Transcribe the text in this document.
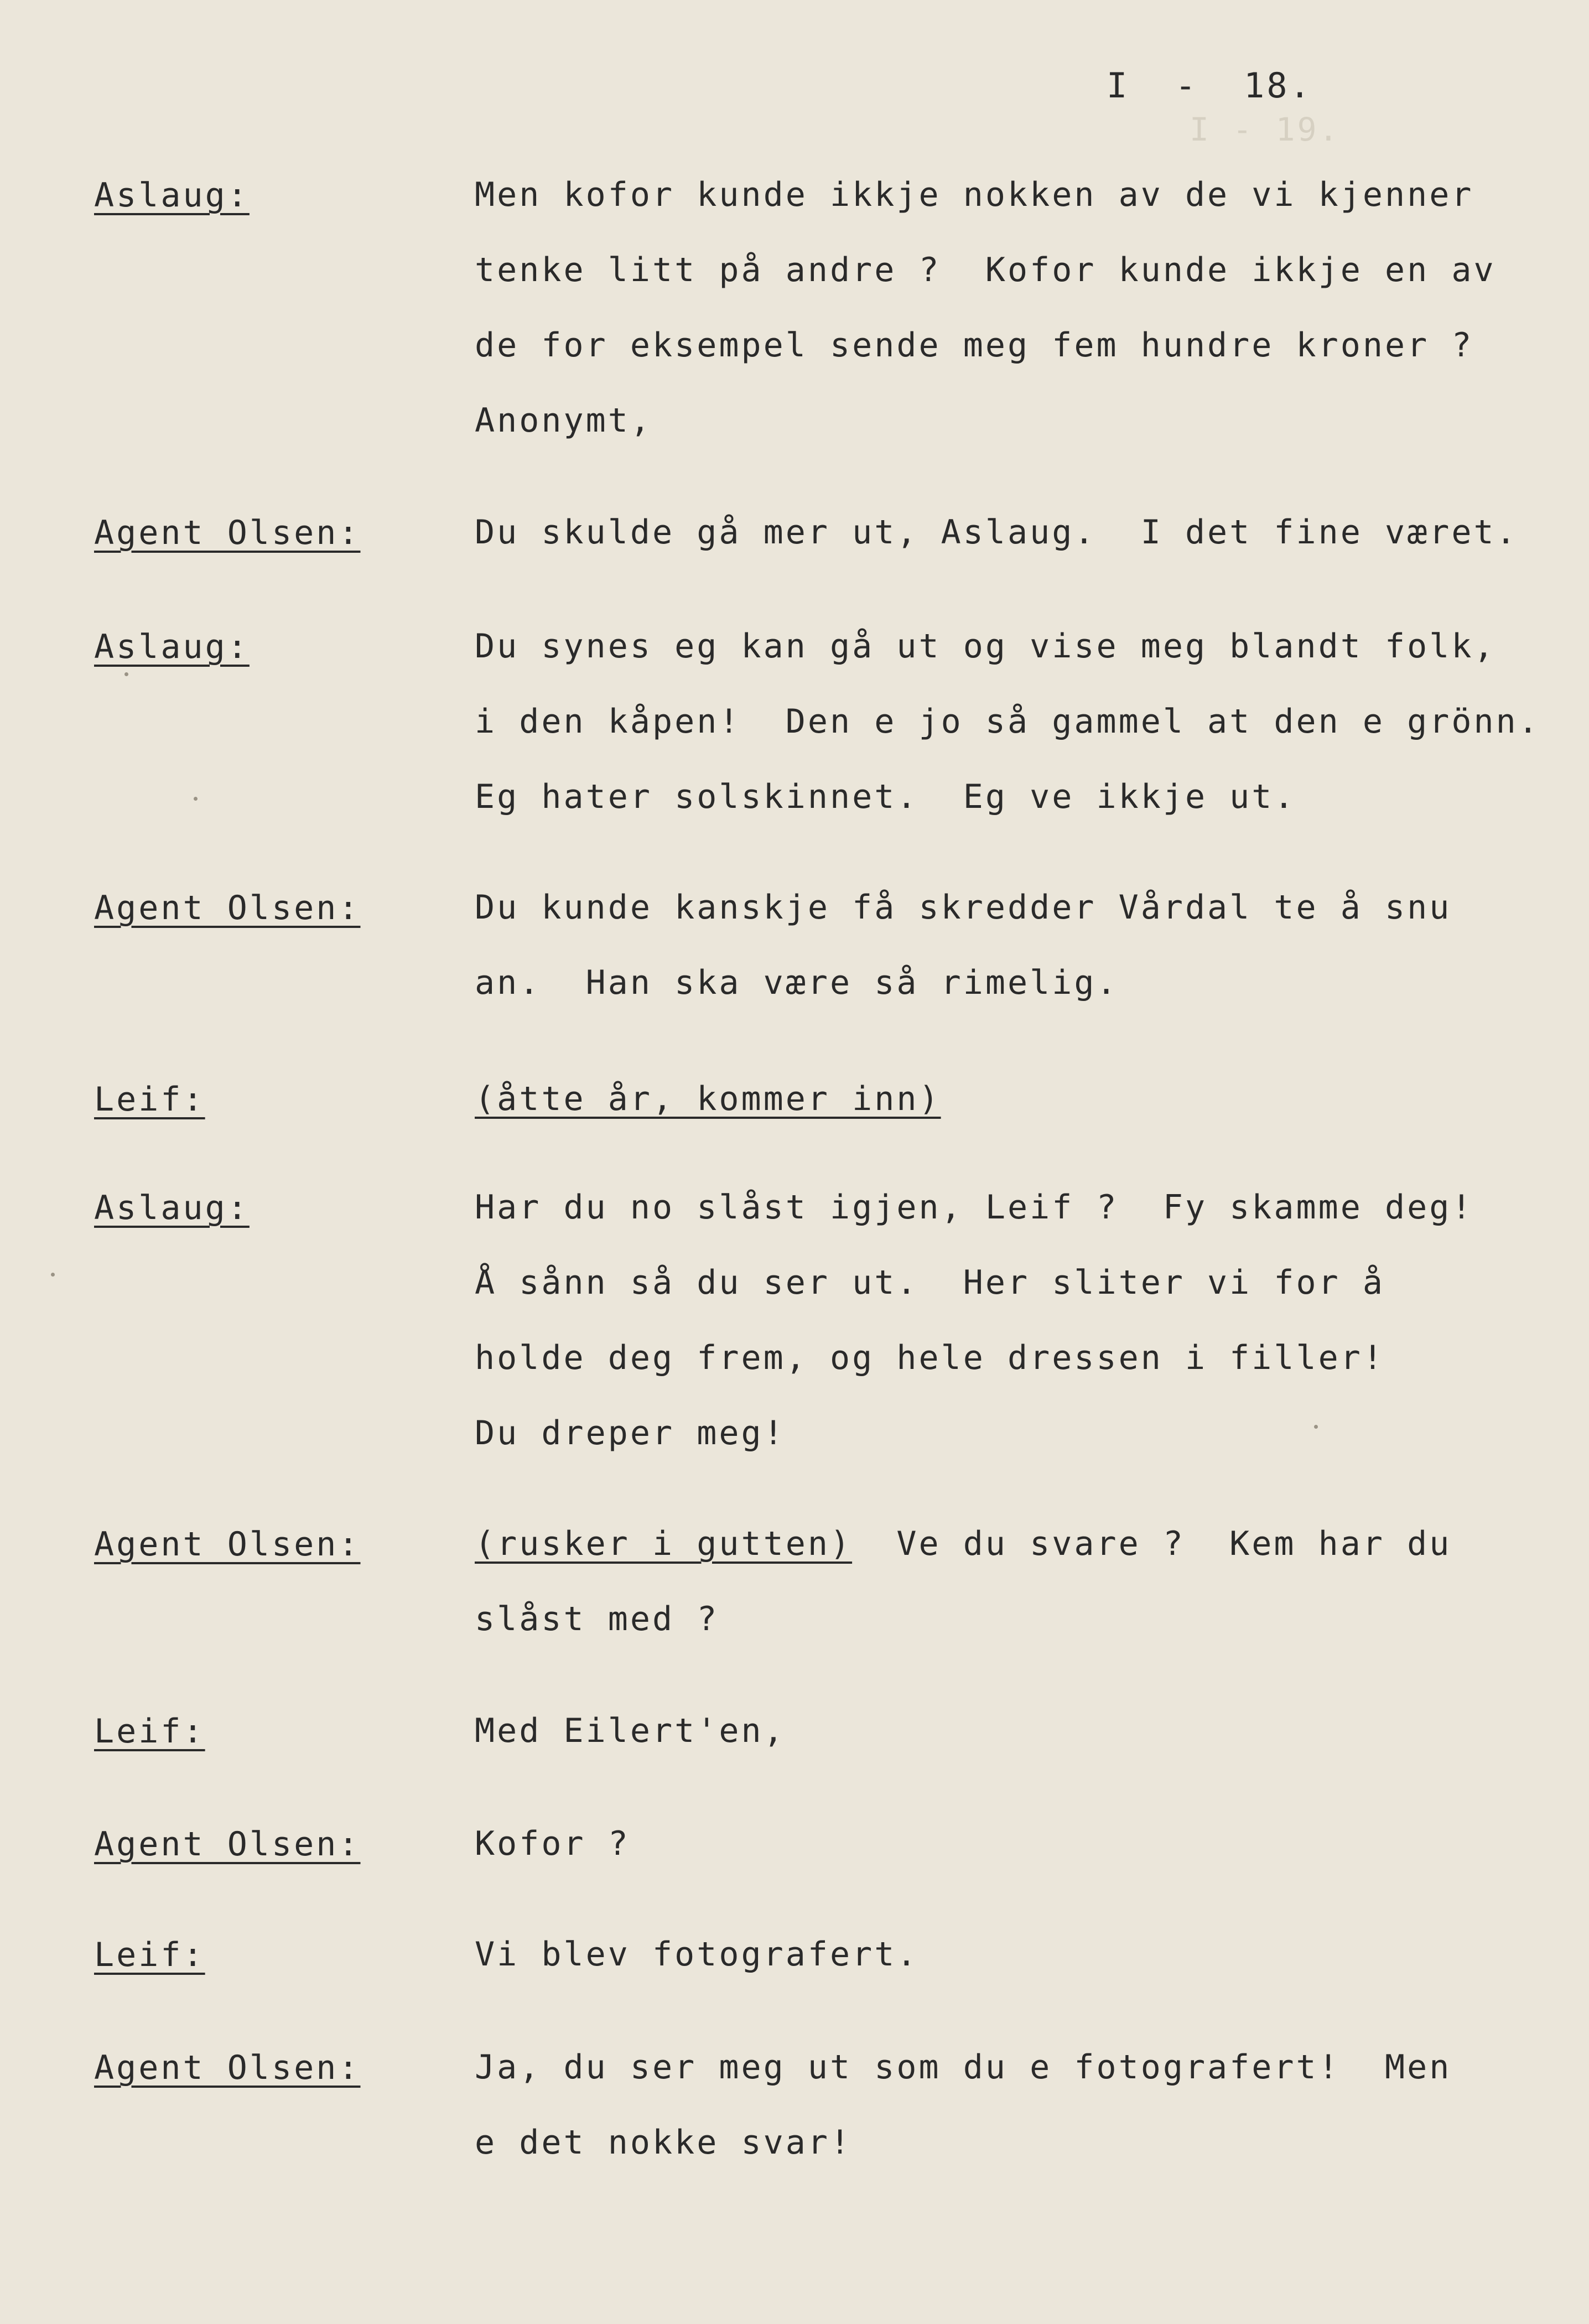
I - 19.
I  -  18.
Aslaug:	Men kofor kunde ikkje nokken av de vi kjenner
tenke litt på andre ?  Kofor kunde ikkje en av
de for eksempel sende meg fem hundre kroner ?
Anonymt,
Agent Olsen:	Du skulde gå mer ut, Aslaug.  I det fine været.
Aslaug:	Du synes eg kan gå ut og vise meg blandt folk,
i den kåpen!  Den e jo så gammel at den e grönn.
Eg hater solskinnet.  Eg ve ikkje ut.
Agent Olsen:	Du kunde kanskje få skredder Vårdal te å snu
an.  Han ska være så rimelig.
Leif:	(åtte år, kommer inn)
Aslaug:	Har du no slåst igjen, Leif ?  Fy skamme deg!
Å sånn så du ser ut.  Her sliter vi for å
holde deg frem, og hele dressen i filler!
Du dreper meg!
Agent Olsen:	(rusker i gutten)  Ve du svare ?  Kem har du
slåst med ?
Leif:	Med Eilert'en,
Agent Olsen:	Kofor ?
Leif:	Vi blev fotografert.
Agent Olsen:	Ja, du ser meg ut som du e fotografert!  Men
e det nokke svar!
